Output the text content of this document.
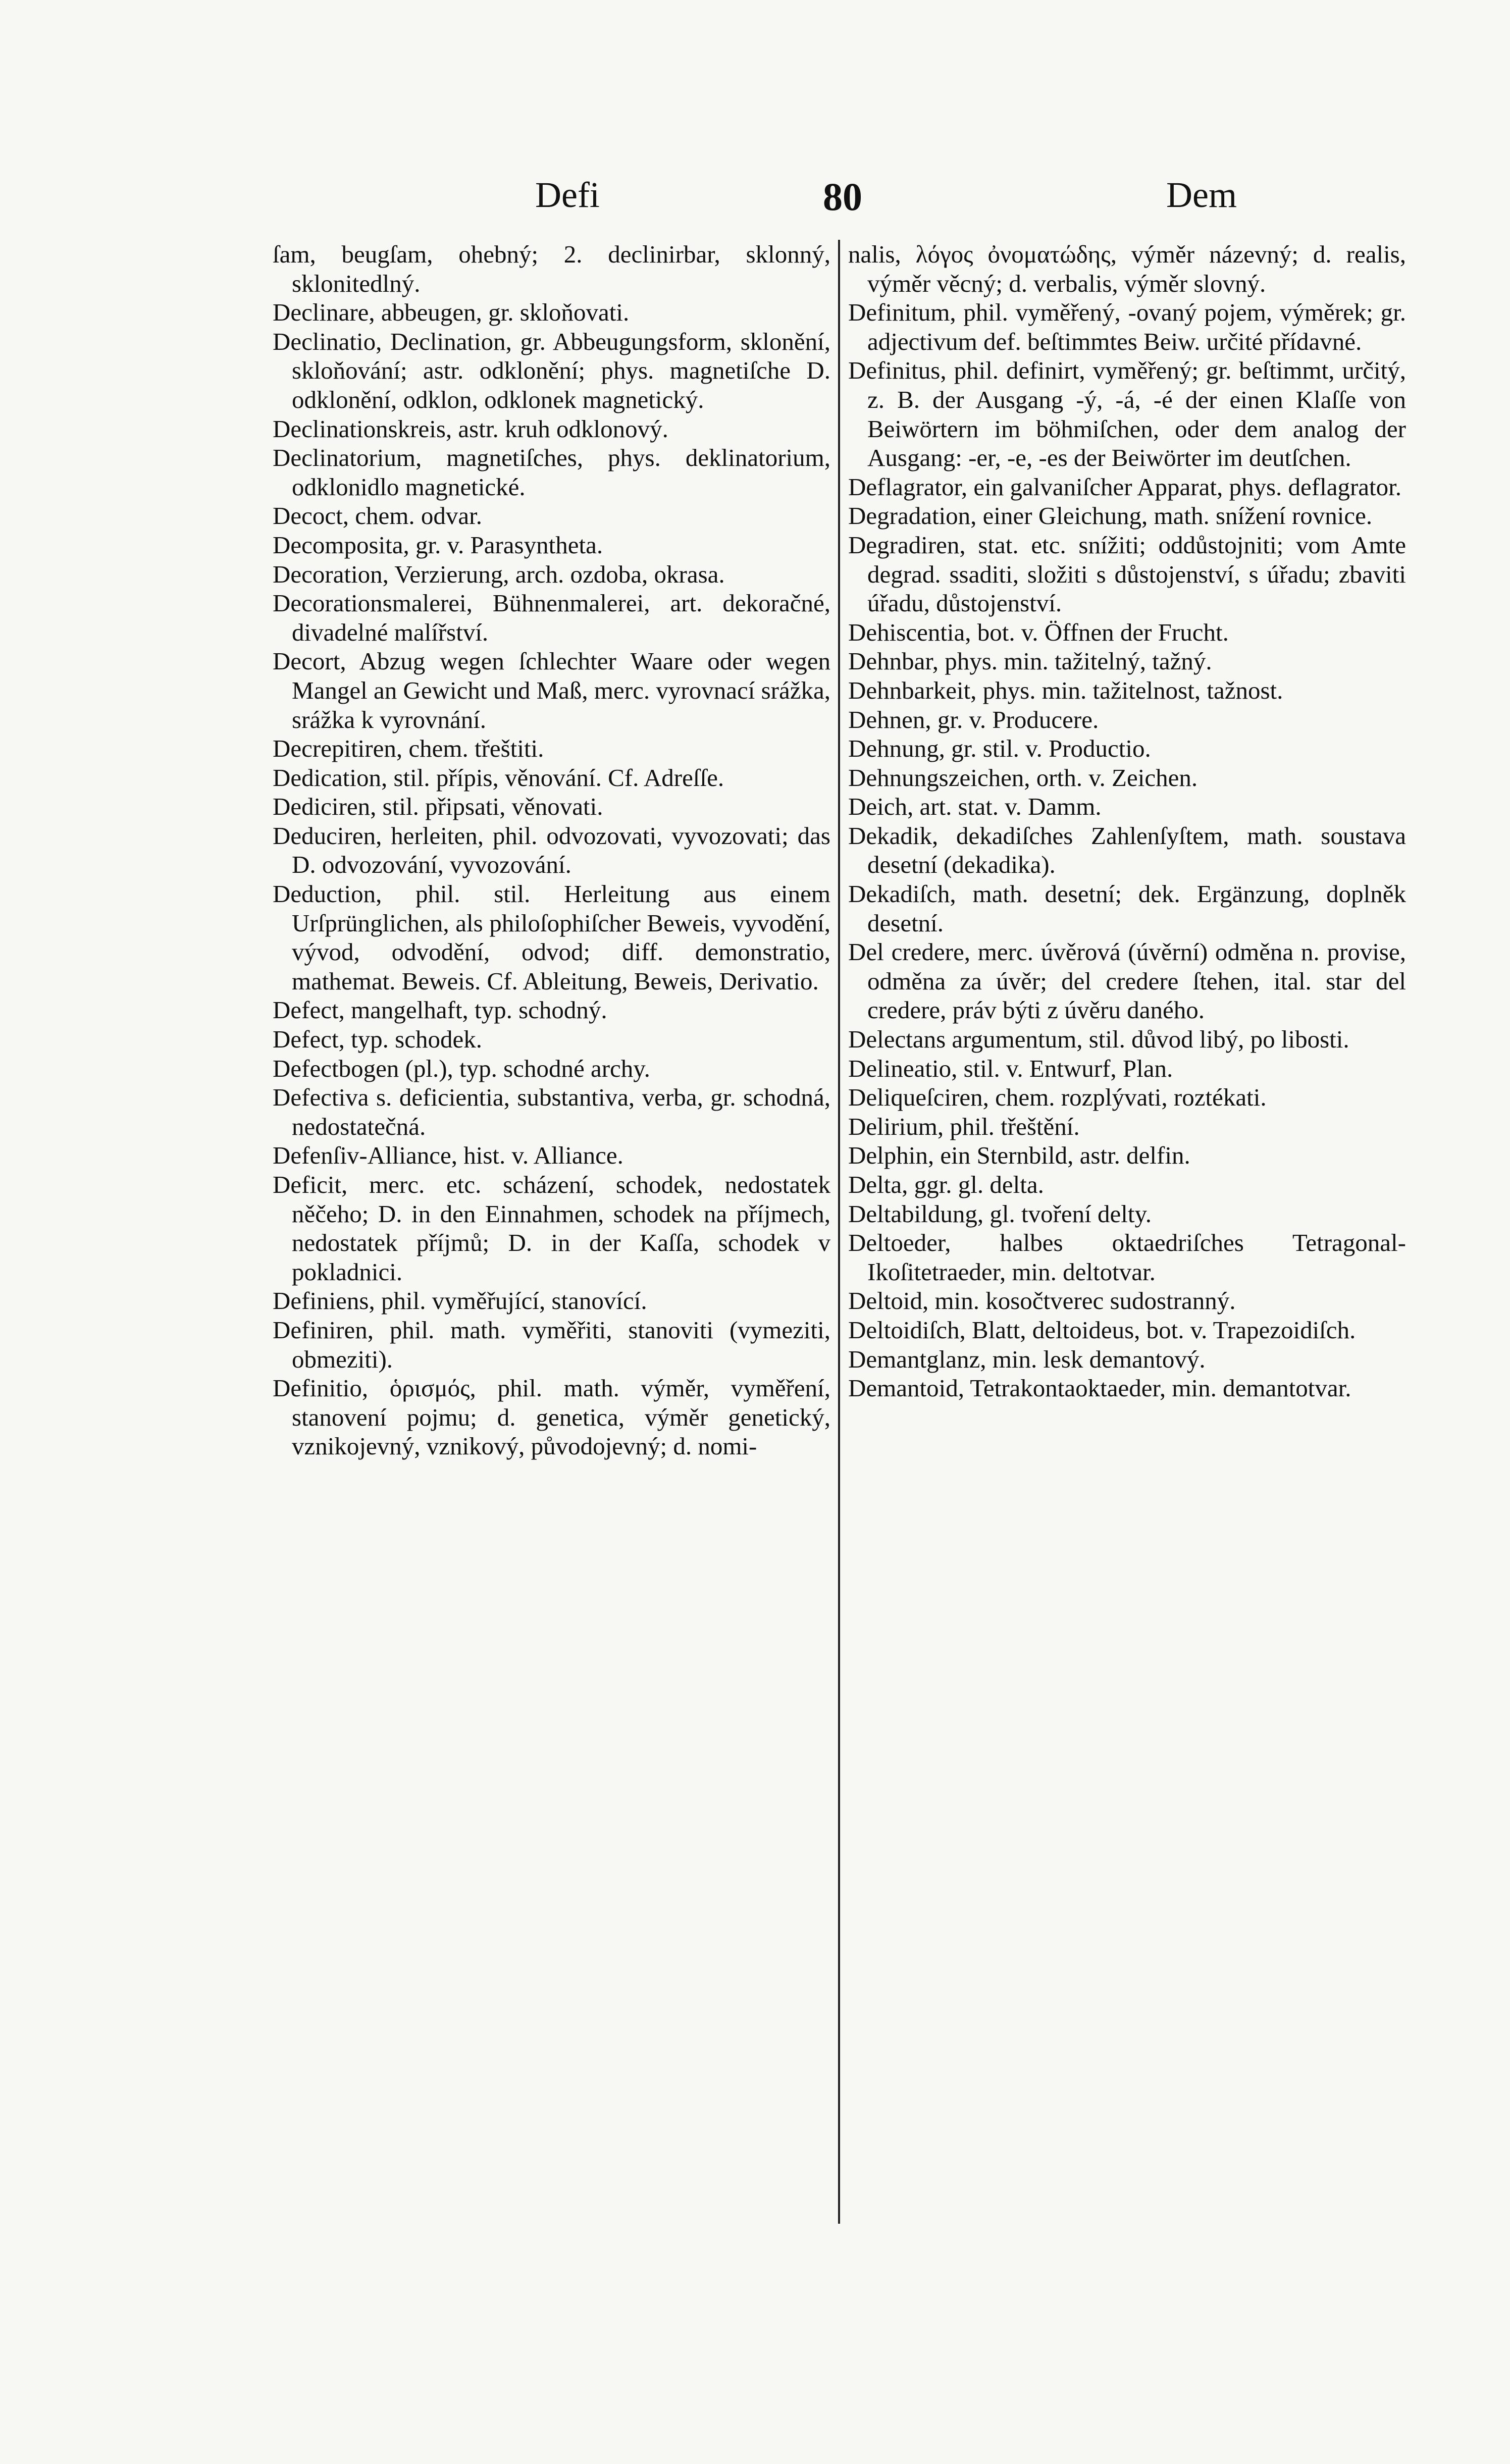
Defi	80	Dem

ſam, beugſam, ohebný; 2. declinirbar, sklonný, sklonitedlný.

Declinare, abbeugen, gr. skloňovati.

Declinatio, Declination, gr. Abbeugungsform, sklonění, skloňování; astr. odklonění; phys. magnetiſche D. odklonění, odklon, odklonek magnetický.

Declinationskreis, astr. kruh odklonový.

Declinatorium, magnetiſches, phys. deklinatorium, odklonidlo magnetické.

Decoct, chem. odvar.

Decomposita, gr. v. Parasyntheta.

Decoration, Verzierung, arch. ozdoba, okrasa.

Decorationsmalerei, Bühnenmalerei, art. dekoračné, divadelné malířství.

Decort, Abzug wegen ſchlechter Waare oder wegen Mangel an Gewicht und Maß, merc. vyrovnací srážka, srážka k vyrovnání.

Decrepitiren, chem. třeštiti.

Dedication, stil. přípis, věnování. Cf. Adreſſe.

Dediciren, stil. připsati, věnovati.

Deduciren, herleiten, phil. odvozovati, vyvozovati; das D. odvozování, vyvozování.

Deduction, phil. stil. Herleitung aus einem Urſprünglichen, als philoſophiſcher Beweis, vyvodění, vývod, odvodění, odvod; diff. demonstratio, mathemat. Beweis. Cf. Ableitung, Beweis, Derivatio.

Defect, mangelhaft, typ. schodný.

Defect, typ. schodek.

Defectbogen (pl.), typ. schodné archy.

Defectiva s. deficientia, substantiva, verba, gr. schodná, nedostatečná.

Defenſiv-Alliance, hist. v. Alliance.

Deficit, merc. etc. scházení, schodek, nedostatek něčeho; D. in den Einnahmen, schodek na příjmech, nedostatek příjmů; D. in der Kaſſa, schodek v pokladnici.

Definiens, phil. vyměřující, stanovící.

Definiren, phil. math. vyměřiti, stanoviti (vymeziti, obmeziti).

Definitio, ὁρισμός, phil. math. výměr, vyměření, stanovení pojmu; d. genetica, výměr genetický, vznikojevný, vznikový, původojevný; d. nomi-

nalis, λόγος ὀνοματώδης, výměr názevný; d. realis, výměr věcný; d. verbalis, výměr slovný.

Definitum, phil. vyměřený, -ovaný pojem, výměrek; gr. adjectivum def. beſtimmtes Beiw. určité přídavné.

Definitus, phil. definirt, vyměřený; gr. beſtimmt, určitý, z. B. der Ausgang -ý, -á, -é der einen Klaſſe von Beiwörtern im böhmiſchen, oder dem analog der Ausgang: -er, -e, -es der Beiwörter im deutſchen.

Deflagrator, ein galvaniſcher Apparat, phys. deflagrator.

Degradation, einer Gleichung, math. snížení rovnice.

Degradiren, stat. etc. snížiti; oddůstojniti; vom Amte degrad. ssaditi, složiti s důstojenství, s úřadu; zbaviti úřadu, důstojenství.

Dehiscentia, bot. v. Öffnen der Frucht.

Dehnbar, phys. min. tažitelný, tažný.

Dehnbarkeit, phys. min. tažitelnost, tažnost.

Dehnen, gr. v. Producere.

Dehnung, gr. stil. v. Productio.

Dehnungszeichen, orth. v. Zeichen.

Deich, art. stat. v. Damm.

Dekadik, dekadiſches Zahlenſyſtem, math. soustava desetní (dekadika).

Dekadiſch, math. desetní; dek. Ergänzung, doplněk desetní.

Del credere, merc. úvěrová (úvěrní) odměna n. provise, odměna za úvěr; del credere ſtehen, ital. star del credere, práv býti z úvěru daného.

Delectans argumentum, stil. důvod libý, po libosti.

Delineatio, stil. v. Entwurf, Plan.

Deliqueſciren, chem. rozplývati, roztékati.

Delirium, phil. třeštění.

Delphin, ein Sternbild, astr. delfin.

Delta, ggr. gl. delta.

Deltabildung, gl. tvoření delty.

Deltoeder, halbes oktaedriſches Tetragonal-Ikoſitetraeder, min. deltotvar.

Deltoid, min. kosočtverec sudostranný.

Deltoidiſch, Blatt, deltoideus, bot. v. Trapezoidiſch.

Demantglanz, min. lesk demantový.

Demantoid, Tetrakontaoktaeder, min. demantotvar.
